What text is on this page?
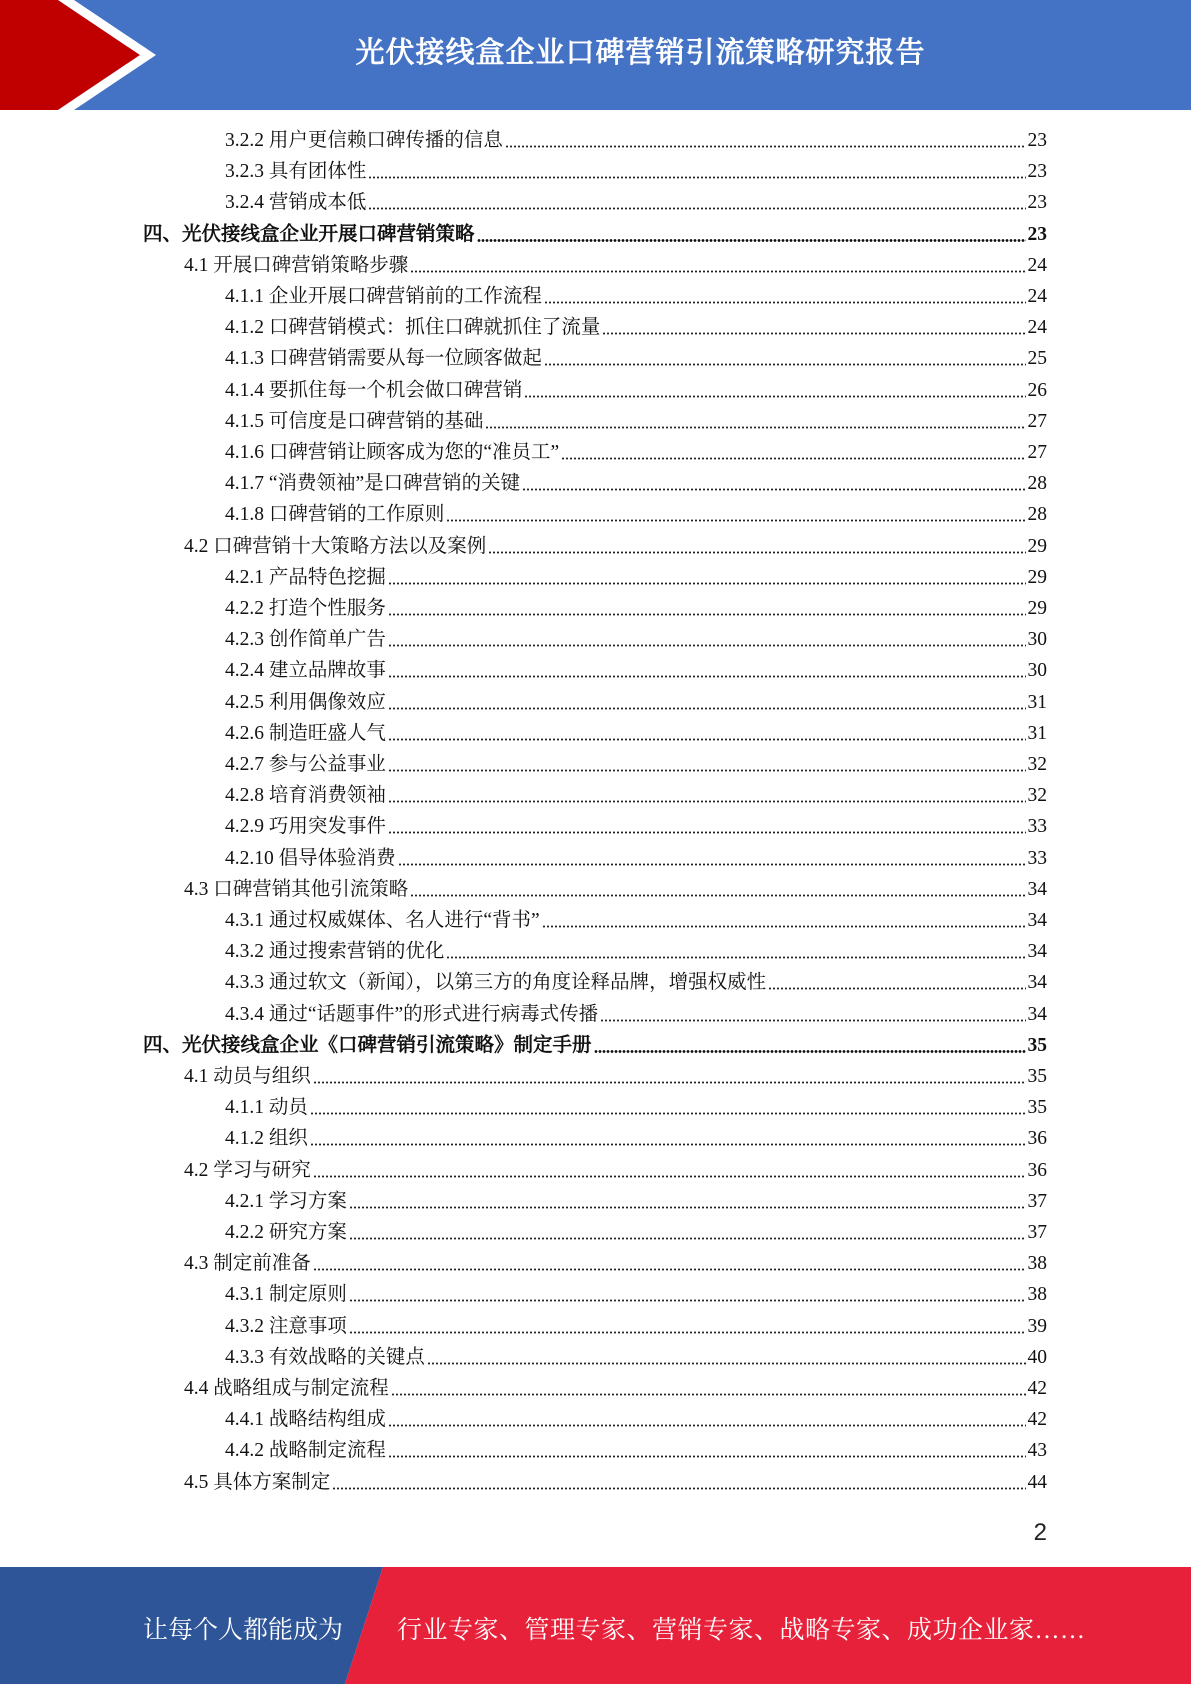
光伏接线盒企业口碑营销引流策略研究报告
3.2.2 用户更信赖口碑传播的信息	23
3.2.3 具有团体性	23
3.2.4 营销成本低	23
四、光伏接线盒企业开展口碑营销策略	23
4.1 开展口碑营销策略步骤	24
4.1.1 企业开展口碑营销前的工作流程	24
4.1.2 口碑营销模式：抓住口碑就抓住了流量	24
4.1.3 口碑营销需要从每一位顾客做起	25
4.1.4 要抓住每一个机会做口碑营销	26
4.1.5 可信度是口碑营销的基础	27
4.1.6 口碑营销让顾客成为您的“准员工”	27
4.1.7 “消费领袖”是口碑营销的关键	28
4.1.8 口碑营销的工作原则	28
4.2 口碑营销十大策略方法以及案例	29
4.2.1 产品特色挖掘	29
4.2.2 打造个性服务	29
4.2.3 创作简单广告	30
4.2.4 建立品牌故事	30
4.2.5 利用偶像效应	31
4.2.6 制造旺盛人气	31
4.2.7 参与公益事业	32
4.2.8 培育消费领袖	32
4.2.9 巧用突发事件	33
4.2.10 倡导体验消费	33
4.3 口碑营销其他引流策略	34
4.3.1 通过权威媒体、名人进行“背书”	34
4.3.2 通过搜索营销的优化	34
4.3.3 通过软文（新闻），以第三方的角度诠释品牌，增强权威性	34
4.3.4 通过“话题事件”的形式进行病毒式传播	34
四、光伏接线盒企业《口碑营销引流策略》制定手册	35
4.1 动员与组织	35
4.1.1 动员	35
4.1.2 组织	36
4.2 学习与研究	36
4.2.1 学习方案	37
4.2.2 研究方案	37
4.3 制定前准备	38
4.3.1 制定原则	38
4.3.2 注意事项	39
4.3.3 有效战略的关键点	40
4.4 战略组成与制定流程	42
4.4.1 战略结构组成	42
4.4.2 战略制定流程	43
4.5 具体方案制定	44
2
让每个人都能成为 行业专家、管理专家、营销专家、战略专家、成功企业家……
